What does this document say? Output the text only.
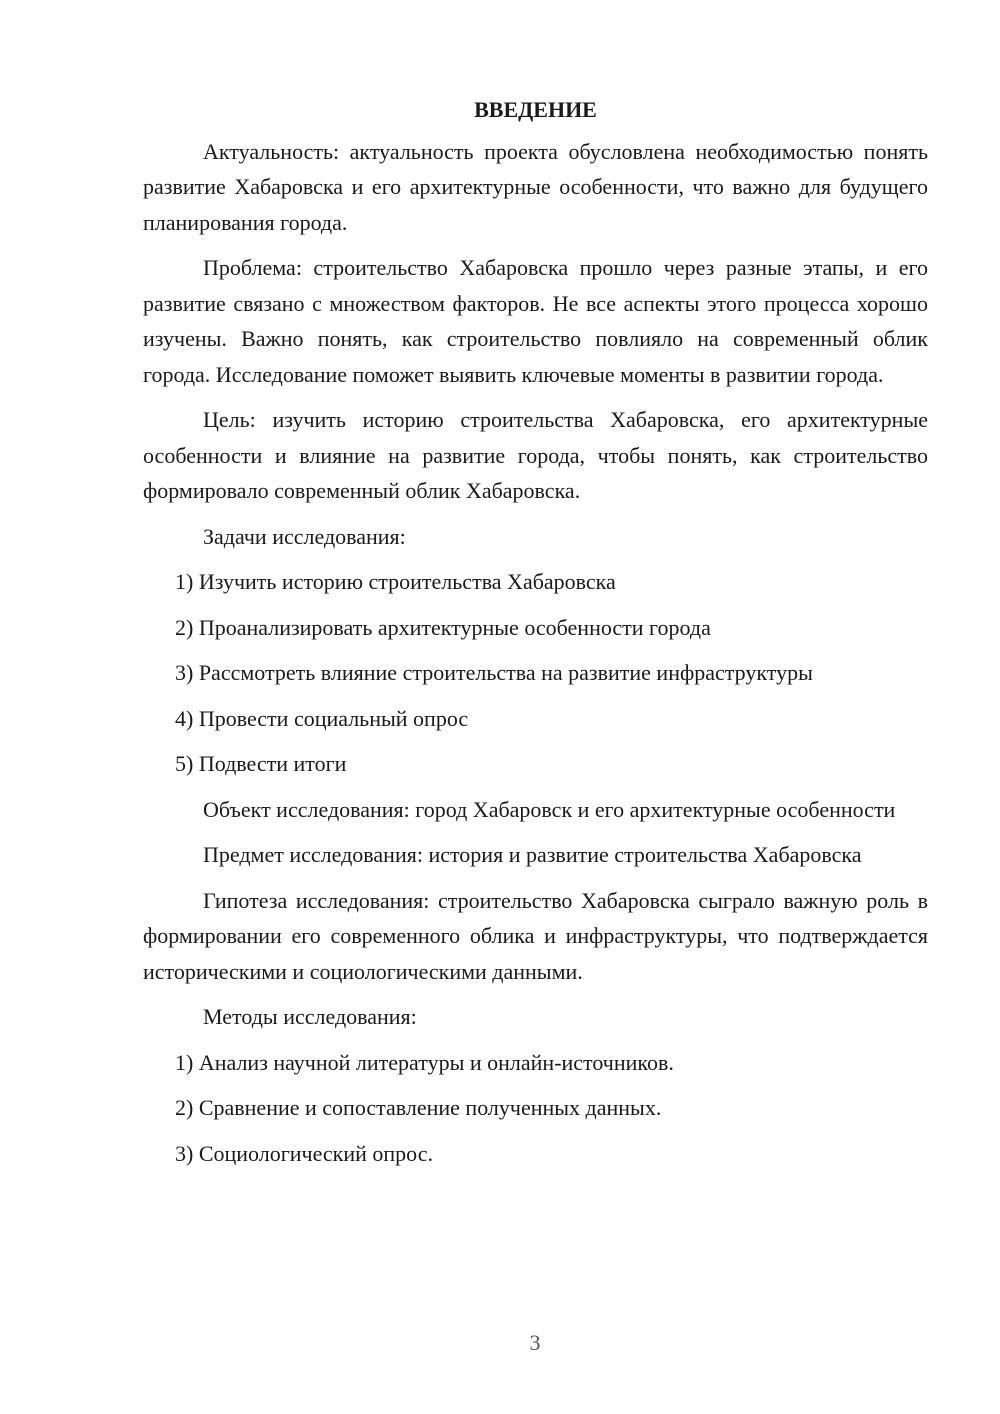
ВВЕДЕНИЕ

Актуальность: актуальность проекта обусловлена необходимостью понять развитие Хабаровска и его архитектурные особенности, что важно для будущего планирования города.

Проблема: строительство Хабаровска прошло через разные этапы, и его развитие связано с множеством факторов. Не все аспекты этого процесса хорошо изучены. Важно понять, как строительство повлияло на современный облик города. Исследование поможет выявить ключевые моменты в развитии города.

Цель: изучить историю строительства Хабаровска, его архитектурные особенности и влияние на развитие города, чтобы понять, как строительство формировало современный облик Хабаровска.

Задачи исследования:

1) Изучить историю строительства Хабаровска
2) Проанализировать архитектурные особенности города
3) Рассмотреть влияние строительства на развитие инфраструктуры
4) Провести социальный опрос
5) Подвести итоги

Объект исследования: город Хабаровск и его архитектурные особенности

Предмет исследования: история и развитие строительства Хабаровска

Гипотеза исследования: строительство Хабаровска сыграло важную роль в формировании его современного облика и инфраструктуры, что подтверждается историческими и социологическими данными.

Методы исследования:

1) Анализ научной литературы и онлайн-источников.
2) Сравнение и сопоставление полученных данных.
3) Социологический опрос.
3
